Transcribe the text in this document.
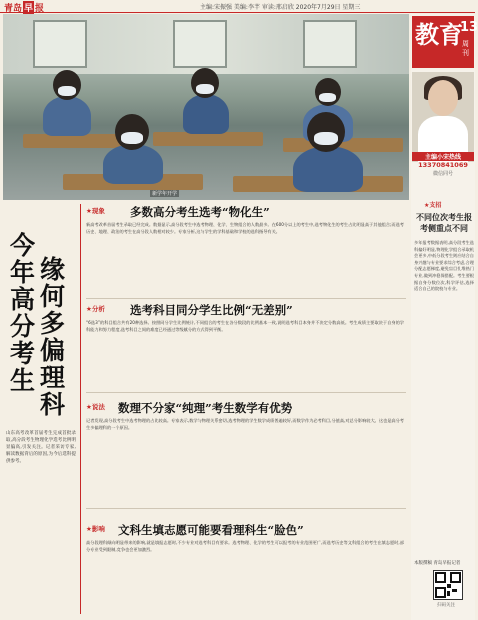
青岛 早 报	主编:宋振强 美编:李芊 审读:邢启欣 2020年7月29日 星期三
新学年开学
教育
13
周刊
主编小宋热线
13370841069
微信同号
★支招
不同位次考生报考侧重点不同
多年报考数据表明,高分段考生选科偏好明显,物理化学组合录取机会更多,中低分段考生则应结合自身兴趣与专业要求综合考虑,合理分配志愿梯度,避免盲目扎堆热门专业,做到冲稳保搭配。考生要根据自身分数位次,科学评估,选择适合自己的院校与专业。
本版撰稿 青岛早报记者
扫码关注
今年高分考生
缘何多偏理科
山东高考改革首届考生完成首批录取,高分段考生物理化学选考比例明显偏高,引发关注。记者采访专家,解读数据背后的原因,为今后选科提供参考。
★现象 多数高分考生选考“物化生”
新高考改革首届考生录取已经完成。数据显示,高分段考生中选考物理、化学、生物组合的人数最多。在600分以上的考生中,选考物化生的考生占比明显高于其他组合;而选考历史、地理、政治的考生在高分段人数相对较少。专家分析,这与学生的学科基础和学校的选科指导有关。
★分析 选考科目同分学生比例“无差别”
“6选3”的科目组合共有20种选择。按照同分学生比例统计,不同组合的考生在各分数段的比例基本一致,说明选考科目本身并不决定分数高低。考生成绩主要取决于自身的学科能力和努力程度,选考科目之间的难度已经通过等级赋分的方式得到平衡。
★说法 数理不分家“纯理”考生数学有优势
记者发现,高分段考生中选考物理的占比较高。专家表示,数学与物理关系密切,选考物理的学生数学成绩普遍较好,而数学作为必考科目,分值高,对总分影响较大。这也是高分考生多偏理科的一个原因。
★影响 文科生填志愿可能要看理科生“脸色”
高分段理科倾向明显带来的影响,就是填报志愿时,不少专业对选考科目有要求。选考物理、化学的考生可以报考的专业范围更广,而选考历史等文科组合的考生在填志愿时,部分专业受到限制,竞争也会更加激烈。
